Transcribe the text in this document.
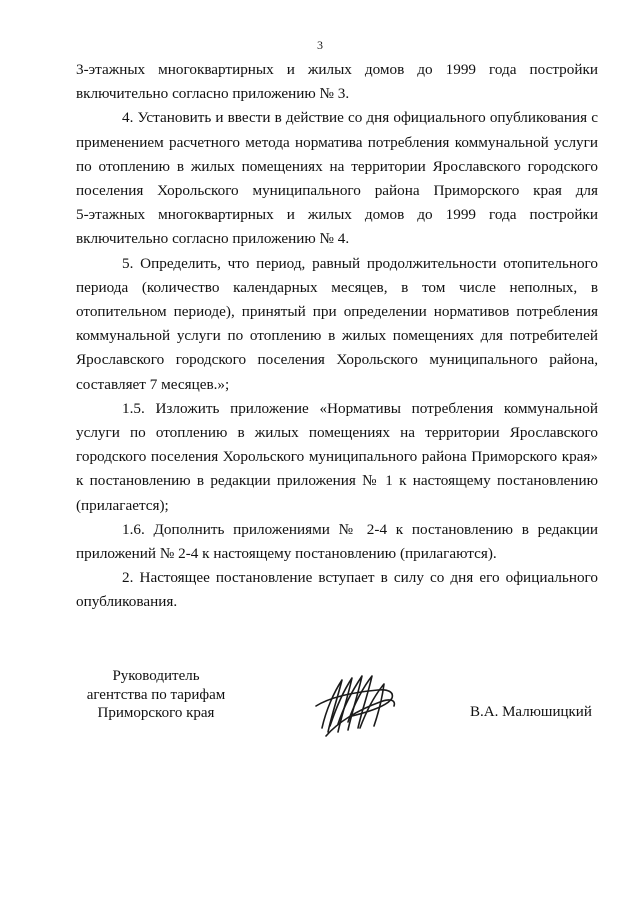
3

3-этажных многоквартирных и жилых домов до 1999 года постройки
включительно согласно приложению № 3.

4. Установить и ввести в действие со дня официального опубликования с
применением расчетного метода норматива потребления коммунальной услуги
по отоплению в жилых помещениях на территории Ярославского городского
поселения Хорольского муниципального района Приморского края для
5-этажных многоквартирных и жилых домов до 1999 года постройки
включительно согласно приложению № 4.

5. Определить, что период, равный продолжительности отопительного
периода (количество календарных месяцев, в том числе неполных, в
отопительном периоде), принятый при определении нормативов потребления
коммунальной услуги по отоплению в жилых помещениях для потребителей
Ярославского городского поселения Хорольского муниципального района,
составляет 7 месяцев.»;

1.5. Изложить приложение «Нормативы потребления коммунальной
услуги по отоплению в жилых помещениях на территории Ярославского
городского поселения Хорольского муниципального района Приморского края»
к постановлению в редакции приложения № 1 к настоящему постановлению
(прилагается);

1.6. Дополнить приложениями № 2-4 к постановлению в редакции
приложений № 2-4 к настоящему постановлению (прилагаются).

2. Настоящее постановление вступает в силу со дня его официального
опубликования.

Руководитель
агентства по тарифам
Приморского края	В.А. Малюшицкий
